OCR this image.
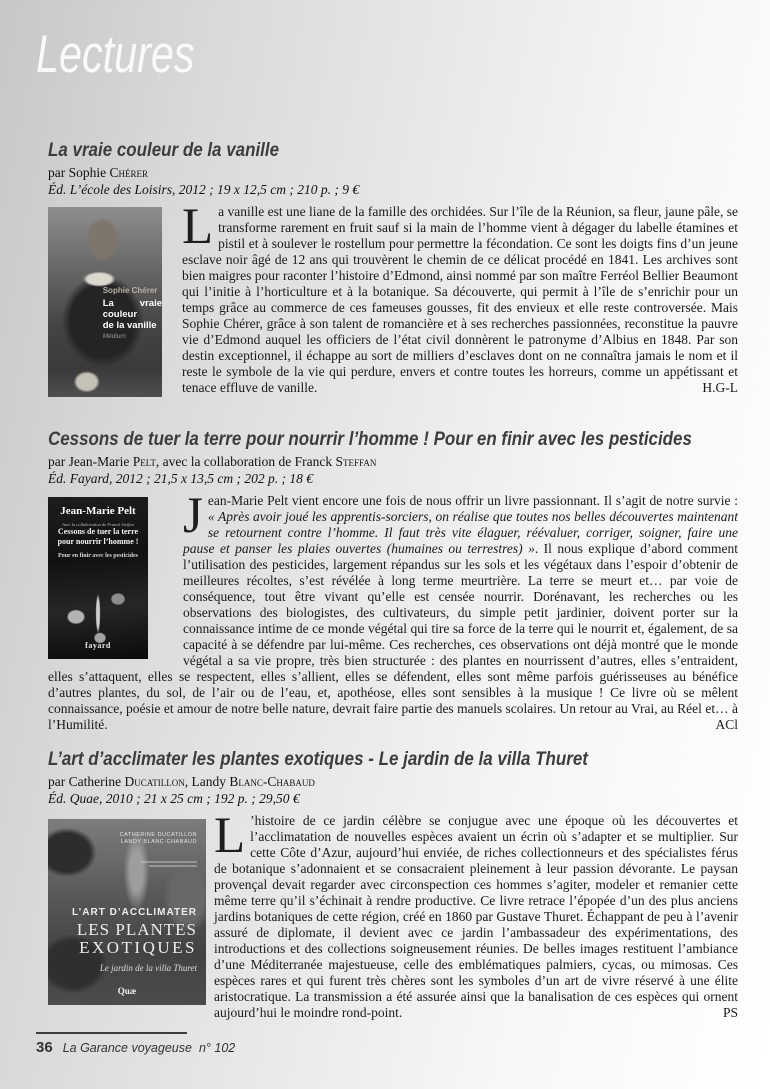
Lectures
La vraie couleur de la vanille
par Sophie Chérer
Éd. L’école des Loisirs, 2012 ; 19 x 12,5 cm ; 210 p. ; 9 €
Sophie Chérer
La vraie couleur
de la vanille
Médium
L a vanille est une liane de la famille des orchidées. Sur l’île de la Réunion, sa fleur, jaune pâle, se transforme rarement en fruit sauf si la main de l’homme vient à dégager du labelle étamines et pistil et à soulever le rostellum pour permettre la fécondation. Ce sont les doigts fins d’un jeune esclave noir âgé de 12 ans qui trouvèrent le chemin de ce délicat procédé en 1841. Les archives sont bien maigres pour raconter l’histoire d’Edmond, ainsi nommé par son maître Ferréol Bellier Beaumont qui l’initie à l’horticulture et à la botanique. Sa découverte, qui permit à l’île de s’enrichir pour un temps grâce au commerce de ces fameuses gousses, fit des envieux et elle reste controversée. Mais Sophie Chérer, grâce à son talent de romancière et à ses recherches passionnées, reconstitue la pauvre vie d’Edmond auquel les officiers de l’état civil donnèrent le patronyme d’Albius en 1848. Par son destin exceptionnel, il échappe au sort de milliers d’esclaves dont on ne connaîtra jamais le nom et il reste le symbole de la vie qui perdure, envers et contre toutes les horreurs, comme un appétissant et tenace effluve de vanille.	H.G-L
Cessons de tuer la terre pour nourrir l’homme ! Pour en finir avec les pesticides
par Jean-Marie Pelt, avec la collaboration de Franck Steffan
Éd. Fayard, 2012 ; 21,5 x 13,5 cm ; 202 p. ; 18 €
Jean-Marie Pelt
Avec la collaboration de Franck Steffan
Cessons de tuer la terre
pour nourrir l’homme !
Pour en finir avec les pesticides
fayard
J ean-Marie Pelt vient encore une fois de nous offrir un livre passionnant. Il s’agit de notre survie : « Après avoir joué les apprentis-sorciers, on réalise que toutes nos belles découvertes maintenant se retournent contre l’homme. Il faut très vite élaguer, réévaluer, corriger, soigner, faire une pause et panser les plaies ouvertes (humaines ou terrestres) ». Il nous explique d’abord comment l’utilisation des pesticides, largement répandus sur les sols et les végétaux dans l’espoir d’obtenir de meilleures récoltes, s’est révélée à long terme meurtrière. La terre se meurt et… par voie de conséquence, tout être vivant qu’elle est censée nourrir. Dorénavant, les recherches ou les observations des biologistes, des cultivateurs, du simple petit jardinier, doivent porter sur la connaissance intime de ce monde végétal qui tire sa force de la terre qui le nourrit et, également, de sa capacité à se défendre par lui-même. Ces recherches, ces observations ont déjà montré que le monde végétal a sa vie propre, très bien structurée : des plantes en nourrissent d’autres, elles s’entraident, elles s’attaquent, elles se respectent, elles s’allient, elles se défendent, elles sont même parfois guérisseuses au bénéfice d’autres plantes, du sol, de l’air ou de l’eau, et, apothéose, elles sont sensibles à la musique ! Ce livre où se mêlent connaissance, poésie et amour de notre belle nature, devrait faire partie des manuels scolaires. Un retour au Vrai, au Réel et… à l’Humilité.	ACl
L’art d’acclimater les plantes exotiques - Le jardin de la villa Thuret
par Catherine Ducatillon, Landy Blanc-Chabaud
Éd. Quae, 2010 ; 21 x 25 cm ; 192 p. ; 29,50 €
CATHERINE DUCATILLON
LANDY BLANC-CHABAUD
L’ART D’ACCLIMATER
LES PLANTES
EXOTIQUES
Le jardin de la villa Thuret
Quæ
L ’histoire de ce jardin célèbre se conjugue avec une époque où les découvertes et l’acclimatation de nouvelles espèces avaient un écrin où s’adapter et se multiplier. Sur cette Côte d’Azur, aujourd’hui enviée, de riches collectionneurs et des spécialistes férus de botanique s’adonnaient et se consacraient pleinement à leur passion dévorante. Le paysan provençal devait regarder avec circonspection ces hommes s’agiter, modeler et remanier cette même terre qu’il s’échinait à rendre productive. Ce livre retrace l’épopée d’un des plus anciens jardins botaniques de cette région, créé en 1860 par Gustave Thuret. Échappant de peu à l’avenir assuré de diplomate, il devient avec ce jardin l’ambassadeur des expérimentations, des introductions et des collections soigneusement réunies. De belles images restituent l’ambiance d’une Méditerranée majestueuse, celle des emblématiques palmiers, cycas, ou mimosas. Ces espèces rares et qui furent très chères sont les symboles d’un art de vivre réservé à une élite aristocratique. La transmission a été assurée ainsi que la banalisation de ces espèces qui ornent aujourd’hui le moindre rond-point.	PS
36 La Garance voyageuse n° 102
